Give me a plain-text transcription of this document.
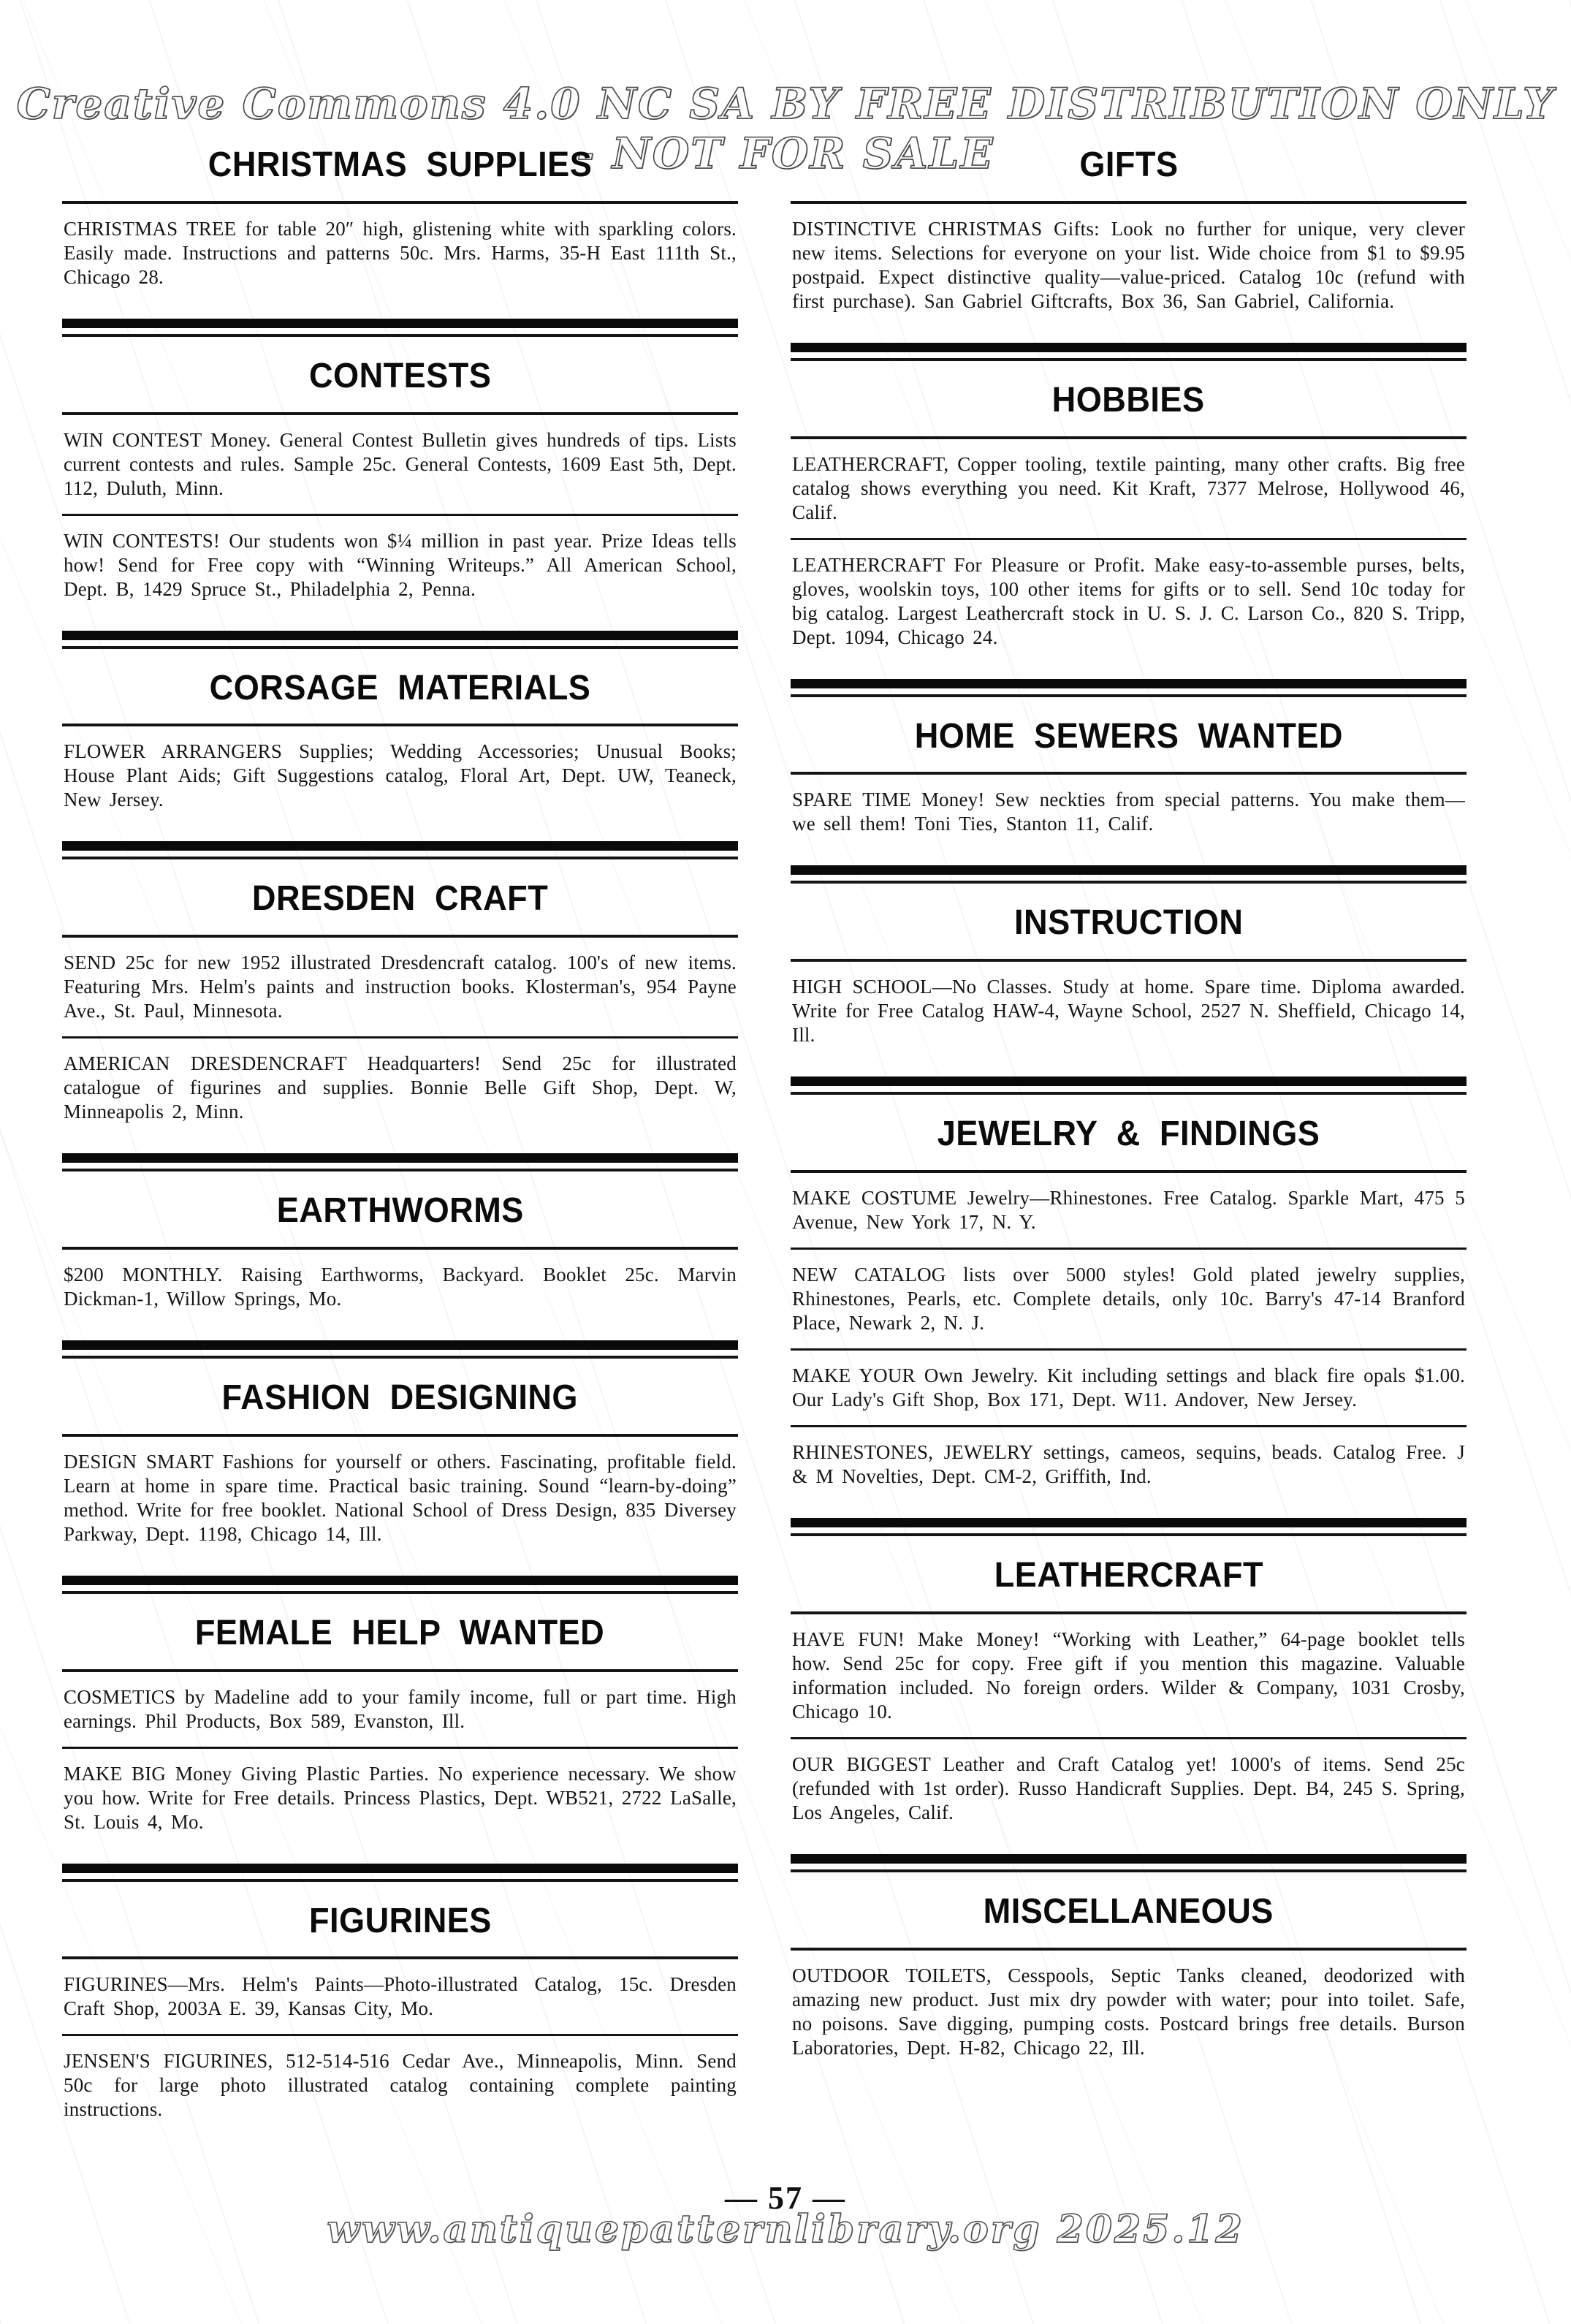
Creative Commons 4.0 NC SA BY FREE DISTRIBUTION ONLY - NOT FOR SALE
CHRISTMAS SUPPLIES

CHRISTMAS TREE for table 20″ high, glistening white with sparkling colors. Easily made. Instructions and patterns 50c. Mrs. Harms, 35-H East 111th St., Chicago 28.

CONTESTS

WIN CONTEST Money. General Contest Bulletin gives hundreds of tips. Lists current contests and rules. Sample 25c. General Contests, 1609 East 5th, Dept. 112, Duluth, Minn.

WIN CONTESTS! Our students won $¼ million in past year. Prize Ideas tells how! Send for Free copy with “Winning Writeups.” All American School, Dept. B, 1429 Spruce St., Philadelphia 2, Penna.

CORSAGE MATERIALS

FLOWER ARRANGERS Supplies; Wedding Accessories; Unusual Books; House Plant Aids; Gift Suggestions catalog, Floral Art, Dept. UW, Teaneck, New Jersey.

DRESDEN CRAFT

SEND 25c for new 1952 illustrated Dresdencraft catalog. 100's of new items. Featuring Mrs. Helm's paints and instruction books. Klosterman's, 954 Payne Ave., St. Paul, Minnesota.

AMERICAN DRESDENCRAFT Headquarters! Send 25c for illustrated catalogue of figurines and supplies. Bonnie Belle Gift Shop, Dept. W, Minneapolis 2, Minn.

EARTHWORMS

$200 MONTHLY. Raising Earthworms, Backyard. Booklet 25c. Marvin Dickman-1, Willow Springs, Mo.

FASHION DESIGNING

DESIGN SMART Fashions for yourself or others. Fascinating, profitable field. Learn at home in spare time. Practical basic training. Sound “learn-by-doing” method. Write for free booklet. National School of Dress Design, 835 Diversey Parkway, Dept. 1198, Chicago 14, Ill.

FEMALE HELP WANTED

COSMETICS by Madeline add to your family income, full or part time. High earnings. Phil Products, Box 589, Evanston, Ill.

MAKE BIG Money Giving Plastic Parties. No experience necessary. We show you how. Write for Free details. Princess Plastics, Dept. WB521, 2722 LaSalle, St. Louis 4, Mo.

FIGURINES

FIGURINES—Mrs. Helm's Paints—Photo-illustrated Catalog, 15c. Dresden Craft Shop, 2003A E. 39, Kansas City, Mo.

JENSEN'S FIGURINES, 512-514-516 Cedar Ave., Minneapolis, Minn. Send 50c for large photo illustrated catalog containing complete painting instructions.

GIFTS

DISTINCTIVE CHRISTMAS Gifts: Look no further for unique, very clever new items. Selections for everyone on your list. Wide choice from $1 to $9.95 postpaid. Expect distinctive quality—value-priced. Catalog 10c (refund with first purchase). San Gabriel Giftcrafts, Box 36, San Gabriel, California.

HOBBIES

LEATHERCRAFT, Copper tooling, textile painting, many other crafts. Big free catalog shows everything you need. Kit Kraft, 7377 Melrose, Hollywood 46, Calif.

LEATHERCRAFT For Pleasure or Profit. Make easy-to-assemble purses, belts, gloves, woolskin toys, 100 other items for gifts or to sell. Send 10c today for big catalog. Largest Leathercraft stock in U. S. J. C. Larson Co., 820 S. Tripp, Dept. 1094, Chicago 24.

HOME SEWERS WANTED

SPARE TIME Money! Sew neckties from special patterns. You make them—we sell them! Toni Ties, Stanton 11, Calif.

INSTRUCTION

HIGH SCHOOL—No Classes. Study at home. Spare time. Diploma awarded. Write for Free Catalog HAW-4, Wayne School, 2527 N. Sheffield, Chicago 14, Ill.

JEWELRY & FINDINGS

MAKE COSTUME Jewelry—Rhinestones. Free Catalog. Sparkle Mart, 475 5 Avenue, New York 17, N. Y.

NEW CATALOG lists over 5000 styles! Gold plated jewelry supplies, Rhinestones, Pearls, etc. Complete details, only 10c. Barry's 47-14 Branford Place, Newark 2, N. J.

MAKE YOUR Own Jewelry. Kit including settings and black fire opals $1.00. Our Lady's Gift Shop, Box 171, Dept. W11. Andover, New Jersey.

RHINESTONES, JEWELRY settings, cameos, sequins, beads. Catalog Free. J & M Novelties, Dept. CM-2, Griffith, Ind.

LEATHERCRAFT

HAVE FUN! Make Money! “Working with Leather,” 64-page booklet tells how. Send 25c for copy. Free gift if you mention this magazine. Valuable information included. No foreign orders. Wilder & Company, 1031 Crosby, Chicago 10.

OUR BIGGEST Leather and Craft Catalog yet! 1000's of items. Send 25c (refunded with 1st order). Russo Handicraft Supplies. Dept. B4, 245 S. Spring, Los Angeles, Calif.

MISCELLANEOUS

OUTDOOR TOILETS, Cesspools, Septic Tanks cleaned, deodorized with amazing new product. Just mix dry powder with water; pour into toilet. Safe, no poisons. Save digging, pumping costs. Postcard brings free details. Burson Laboratories, Dept. H-82, Chicago 22, Ill.

— 57 —
www.antiquepatternlibrary.org 2025.12
